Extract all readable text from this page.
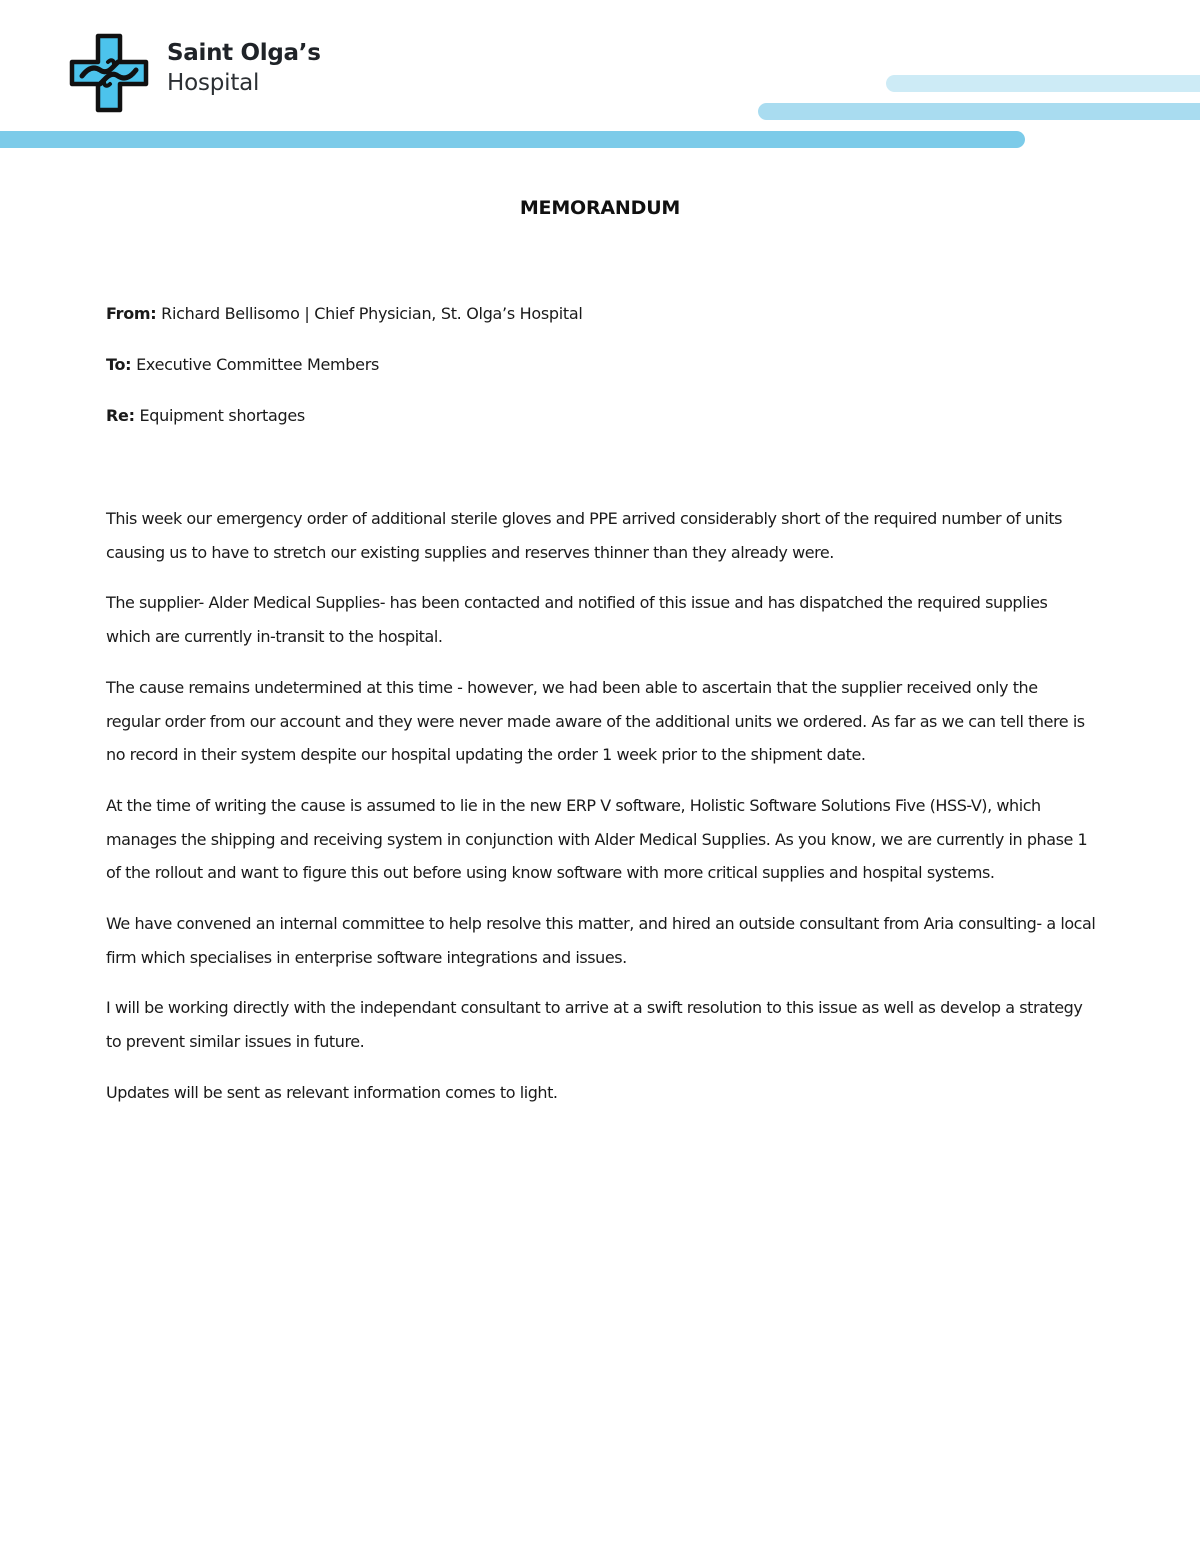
Saint Olga’s
Hospital
MEMORANDUM
From: Richard Bellisomo | Chief Physician, St. Olga’s Hospital
To: Executive Committee Members
Re: Equipment shortages

This week our emergency order of additional sterile gloves and PPE arrived considerably short of the required number of units causing us to have to stretch our existing supplies and reserves thinner than they already were.

The supplier- Alder Medical Supplies- has been contacted and notified of this issue and has dispatched the required supplies which are currently in-transit to the hospital.

The cause remains undetermined at this time - however, we had been able to ascertain that the supplier received only the regular order from our account and they were never made aware of the additional units we ordered. As far as we can tell there is no record in their system despite our hospital updating the order 1 week prior to the shipment date.

At the time of writing the cause is assumed to lie in the new ERP V software, Holistic Software Solutions Five (HSS-V), which manages the shipping and receiving system in conjunction with Alder Medical Supplies. As you know, we are currently in phase 1 of the rollout and want to figure this out before using know software with more critical supplies and hospital systems.

We have convened an internal committee to help resolve this matter, and hired an outside consultant from Aria consulting- a local firm which specialises in enterprise software integrations and issues.

I will be working directly with the independant consultant to arrive at a swift resolution to this issue as well as develop a strategy to prevent similar issues in future.

Updates will be sent as relevant information comes to light.
